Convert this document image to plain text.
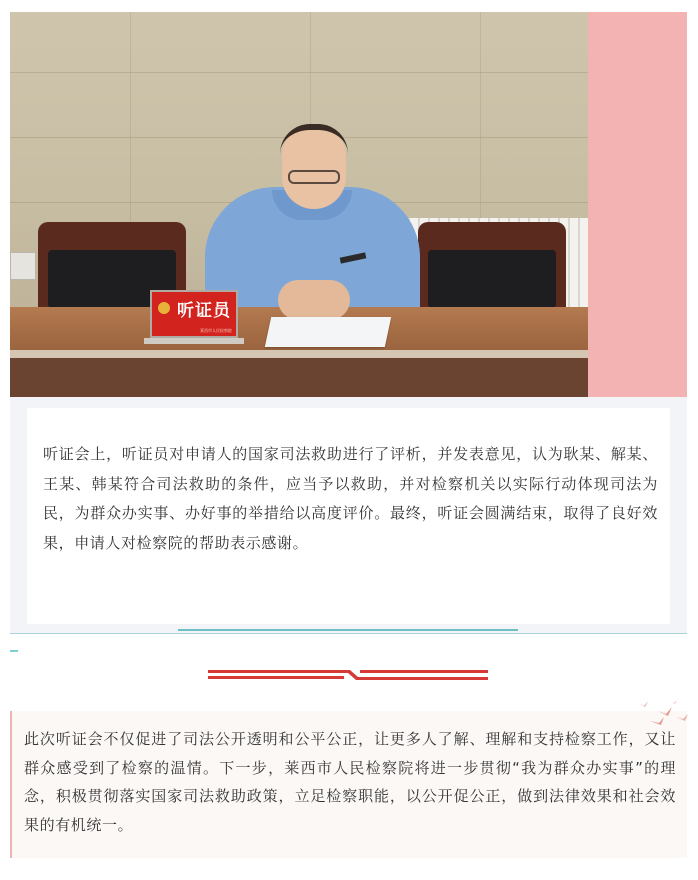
听证员
莱西市人民检察院

听证会上，听证员对申请人的国家司法救助进行了评析，并发表意见，认为耿某、解某、王某、韩某符合司法救助的条件，应当予以救助，并对检察机关以实际行动体现司法为民，为群众办实事、办好事的举措给以高度评价。最终，听证会圆满结束，取得了良好效果，申请人对检察院的帮助表示感谢。

此次听证会不仅促进了司法公开透明和公平公正，让更多人了解、理解和支持检察工作，又让群众感受到了检察的温情。下一步，莱西市人民检察院将进一步贯彻“我为群众办实事”的理念，积极贯彻落实国家司法救助政策，立足检察职能，以公开促公正，做到法律效果和社会效果的有机统一。
